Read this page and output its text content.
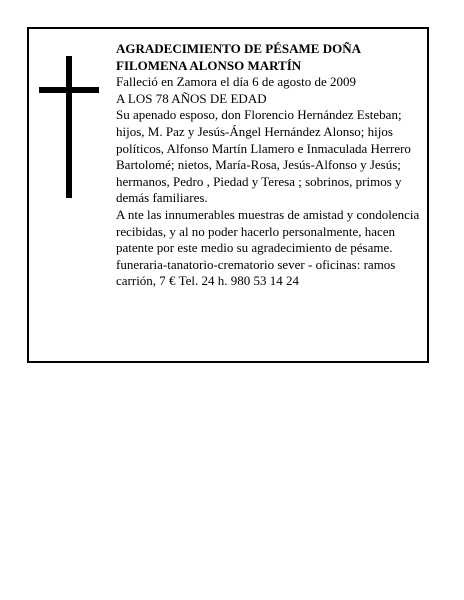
AGRADECIMIENTO DE PÉSAME DOÑA FILOMENA ALONSO MARTÍN

Falleció en Zamora el día 6 de agosto de 2009

A LOS 78 AÑOS DE EDAD

Su apenado esposo, don Florencio Hernández Esteban; hijos, M. Paz y Jesús-Ángel Hernández Alonso; hijos políticos, Alfonso Martín Llamero e Inmaculada Herrero Bartolomé; nietos, María-Rosa, Jesús-Alfonso y Jesús; hermanos, Pedro , Piedad y Teresa ; sobrinos, primos y demás familiares.

A nte las innumerables muestras de amistad y condolencia recibidas, y al no poder hacerlo personalmente, hacen patente por este medio su agradecimiento de pésame.

funeraria-tanatorio-crematorio sever - oficinas: ramos carrión, 7 € Tel. 24 h. 980 53 14 24
